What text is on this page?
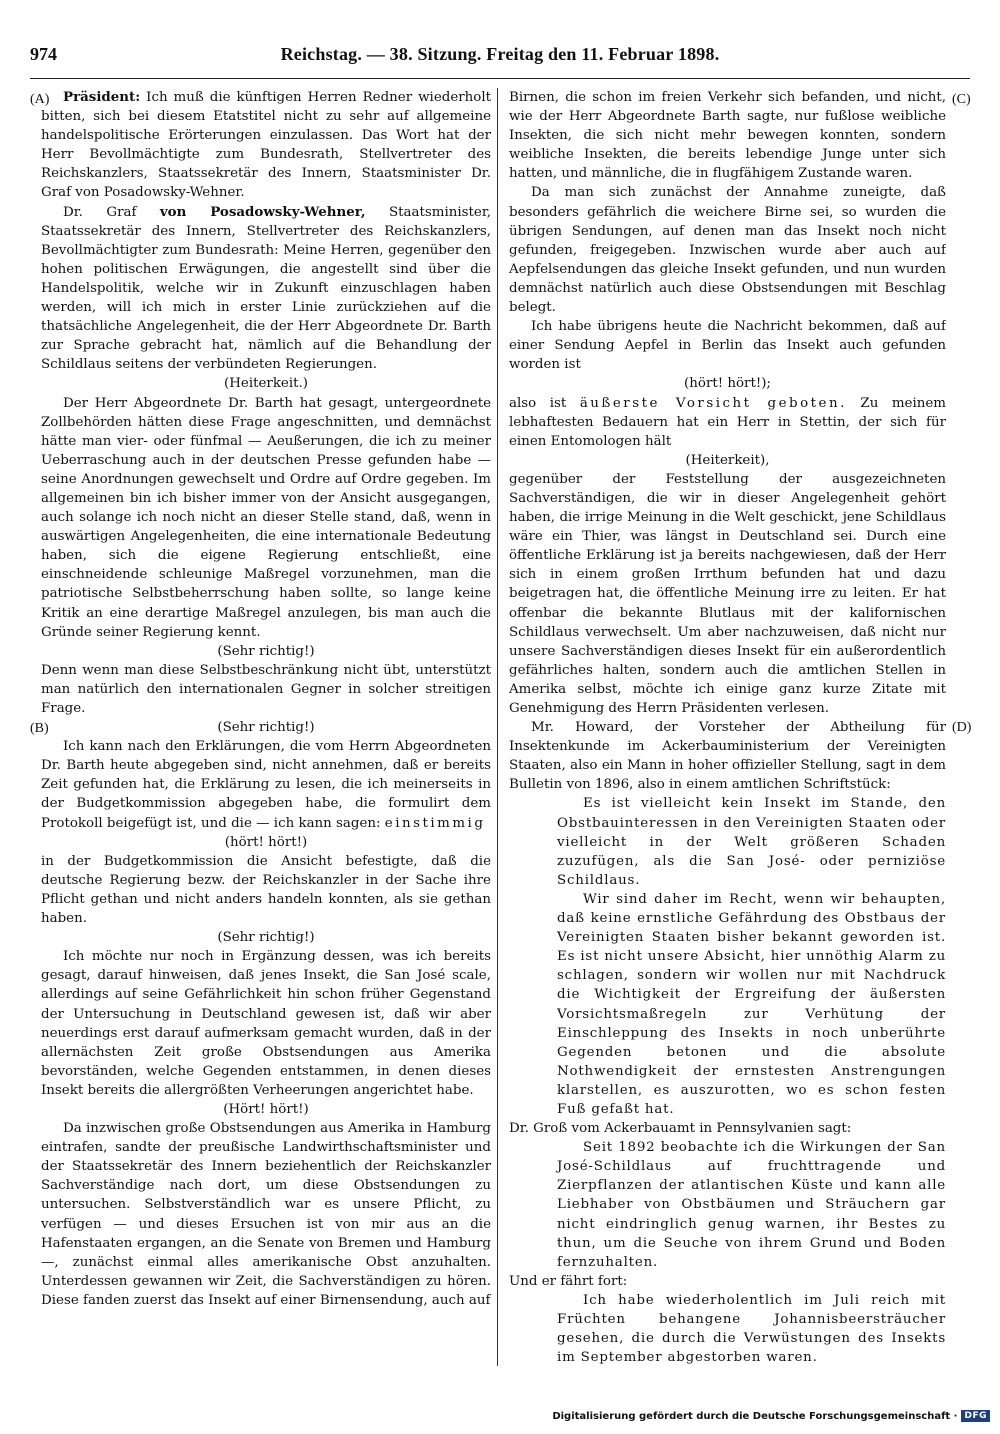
974	Reichstag. — 38. Sitzung. Freitag den 11. Februar 1898.
(A)
(B)
(C)
(D)

Präsident: Ich muß die künftigen Herren Redner wiederholt bitten, sich bei diesem Etatstitel nicht zu sehr auf allgemeine handelspolitische Erörterungen einzulassen. Das Wort hat der Herr Bevollmächtigte zum Bundesrath, Stellvertreter des Reichskanzlers, Staatssekretär des Innern, Staatsminister Dr. Graf von Posadowsky-Wehner.

Dr. Graf von Posadowsky-Wehner, Staatsminister, Staatssekretär des Innern, Stellvertreter des Reichskanzlers, Bevollmächtigter zum Bundesrath: Meine Herren, gegenüber den hohen politischen Erwägungen, die angestellt sind über die Handelspolitik, welche wir in Zukunft einzuschlagen haben werden, will ich mich in erster Linie zurückziehen auf die thatsächliche Angelegenheit, die der Herr Abgeordnete Dr. Barth zur Sprache gebracht hat, nämlich auf die Behandlung der Schildlaus seitens der verbündeten Regierungen.

(Heiterkeit.)

Der Herr Abgeordnete Dr. Barth hat gesagt, untergeordnete Zollbehörden hätten diese Frage angeschnitten, und demnächst hätte man vier- oder fünfmal — Aeußerungen, die ich zu meiner Ueberraschung auch in der deutschen Presse gefunden habe — seine Anordnungen gewechselt und Ordre auf Ordre gegeben. Im allgemeinen bin ich bisher immer von der Ansicht ausgegangen, auch solange ich noch nicht an dieser Stelle stand, daß, wenn in auswärtigen Angelegenheiten, die eine internationale Bedeutung haben, sich die eigene Regierung entschließt, eine einschneidende schleunige Maßregel vorzunehmen, man die patriotische Selbstbeherrschung haben sollte, so lange keine Kritik an eine derartige Maßregel anzulegen, bis man auch die Gründe seiner Regierung kennt.

(Sehr richtig!)

Denn wenn man diese Selbstbeschränkung nicht übt, unterstützt man natürlich den internationalen Gegner in solcher streitigen Frage.

(Sehr richtig!)

Ich kann nach den Erklärungen, die vom Herrn Abgeordneten Dr. Barth heute abgegeben sind, nicht annehmen, daß er bereits Zeit gefunden hat, die Erklärung zu lesen, die ich meinerseits in der Budgetkommission abgegeben habe, die formulirt dem Protokoll beigefügt ist, und die — ich kann sagen: einstimmig

(hört! hört!)

in der Budgetkommission die Ansicht befestigte, daß die deutsche Regierung bezw. der Reichskanzler in der Sache ihre Pflicht gethan und nicht anders handeln konnten, als sie gethan haben.

(Sehr richtig!)

Ich möchte nur noch in Ergänzung dessen, was ich bereits gesagt, darauf hinweisen, daß jenes Insekt, die San José scale, allerdings auf seine Gefährlichkeit hin schon früher Gegenstand der Untersuchung in Deutschland gewesen ist, daß wir aber neuerdings erst darauf aufmerksam gemacht wurden, daß in der allernächsten Zeit große Obstsendungen aus Amerika bevorständen, welche Gegenden entstammen, in denen dieses Insekt bereits die allergrößten Verheerungen angerichtet habe.

(Hört! hört!)

Da inzwischen große Obstsendungen aus Amerika in Hamburg eintrafen, sandte der preußische Landwirthschaftsminister und der Staatssekretär des Innern beziehentlich der Reichskanzler Sachverständige nach dort, um diese Obstsendungen zu untersuchen. Selbstverständlich war es unsere Pflicht, zu verfügen — und dieses Ersuchen ist von mir aus an die Hafenstaaten ergangen, an die Senate von Bremen und Hamburg —, zunächst einmal alles amerikanische Obst anzuhalten. Unterdessen gewannen wir Zeit, die Sachverständigen zu hören. Diese fanden zuerst das Insekt auf einer Birnensendung, auch auf

Birnen, die schon im freien Verkehr sich befanden, und nicht, wie der Herr Abgeordnete Barth sagte, nur fußlose weibliche Insekten, die sich nicht mehr bewegen konnten, sondern weibliche Insekten, die bereits lebendige Junge unter sich hatten, und männliche, die in flugfähigem Zustande waren.

Da man sich zunächst der Annahme zuneigte, daß besonders gefährlich die weichere Birne sei, so wurden die übrigen Sendungen, auf denen man das Insekt noch nicht gefunden, freigegeben. Inzwischen wurde aber auch auf Aepfelsendungen das gleiche Insekt gefunden, und nun wurden demnächst natürlich auch diese Obstsendungen mit Beschlag belegt.

Ich habe übrigens heute die Nachricht bekommen, daß auf einer Sendung Aepfel in Berlin das Insekt auch gefunden worden ist

(hört! hört!);

also ist äußerste Vorsicht geboten. Zu meinem lebhaftesten Bedauern hat ein Herr in Stettin, der sich für einen Entomologen hält

(Heiterkeit),

gegenüber der Feststellung der ausgezeichneten Sachverständigen, die wir in dieser Angelegenheit gehört haben, die irrige Meinung in die Welt geschickt, jene Schildlaus wäre ein Thier, was längst in Deutschland sei. Durch eine öffentliche Erklärung ist ja bereits nachgewiesen, daß der Herr sich in einem großen Irrthum befunden hat und dazu beigetragen hat, die öffentliche Meinung irre zu leiten. Er hat offenbar die bekannte Blutlaus mit der kalifornischen Schildlaus verwechselt. Um aber nachzuweisen, daß nicht nur unsere Sachverständigen dieses Insekt für ein außerordentlich gefährliches halten, sondern auch die amtlichen Stellen in Amerika selbst, möchte ich einige ganz kurze Zitate mit Genehmigung des Herrn Präsidenten verlesen.

Mr. Howard, der Vorsteher der Abtheilung für Insektenkunde im Ackerbauministerium der Vereinigten Staaten, also ein Mann in hoher offizieller Stellung, sagt in dem Bulletin von 1896, also in einem amtlichen Schriftstück:

Es ist vielleicht kein Insekt im Stande, den Obstbauinteressen in den Vereinigten Staaten oder vielleicht in der Welt größeren Schaden zuzufügen, als die San José- oder perniziöse Schildlaus.

Wir sind daher im Recht, wenn wir behaupten, daß keine ernstliche Gefährdung des Obstbaus der Vereinigten Staaten bisher bekannt geworden ist. Es ist nicht unsere Absicht, hier unnöthig Alarm zu schlagen, sondern wir wollen nur mit Nachdruck die Wichtigkeit der Ergreifung der äußersten Vorsichtsmaßregeln zur Verhütung der Einschleppung des Insekts in noch unberührte Gegenden betonen und die absolute Nothwendigkeit der ernstesten Anstrengungen klarstellen, es auszurotten, wo es schon festen Fuß gefaßt hat.

Dr. Groß vom Ackerbauamt in Pennsylvanien sagt:

Seit 1892 beobachte ich die Wirkungen der San José-Schildlaus auf fruchttragende und Zierpflanzen der atlantischen Küste und kann alle Liebhaber von Obstbäumen und Sträuchern gar nicht eindringlich genug warnen, ihr Bestes zu thun, um die Seuche von ihrem Grund und Boden fernzuhalten.

Und er fährt fort:

Ich habe wiederholentlich im Juli reich mit Früchten behangene Johannisbeersträucher gesehen, die durch die Verwüstungen des Insekts im September abgestorben waren.

Digitalisierung gefördert durch die Deutsche Forschungsgemeinschaft · DFG
